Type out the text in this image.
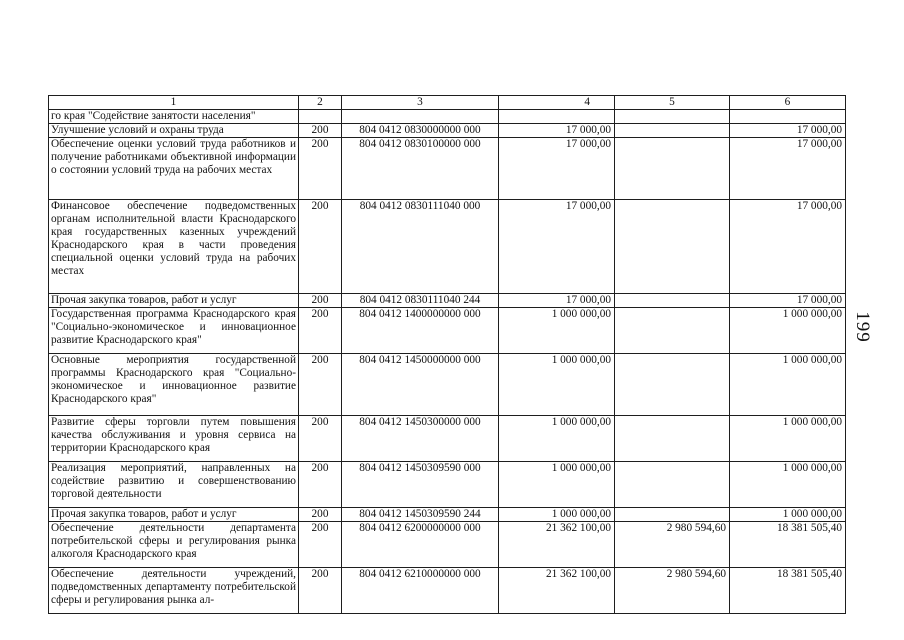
199
1	2	3	4	5	6
го края "Содействие занятости населения"					
Улучшение условий и охраны труда	200	804 0412 0830000000 000	17 000,00		17 000,00
Обеспечение оценки условий труда работников и получение работниками объективной информации о состоянии условий труда на рабочих местах	200	804 0412 0830100000 000	17 000,00		17 000,00
Финансовое обеспечение подведомственных органам исполнительной власти Краснодарского края государственных казенных учреждений Краснодарского края в части проведения специальной оценки условий труда на рабочих местах	200	804 0412 0830111040 000	17 000,00		17 000,00
Прочая закупка товаров, работ и услуг	200	804 0412 0830111040 244	17 000,00		17 000,00
Государственная программа Краснодарского края "Социально-экономическое и инновационное развитие Краснодарского края"	200	804 0412 1400000000 000	1 000 000,00		1 000 000,00
Основные мероприятия государственной программы Краснодарского края "Социально-экономическое и инновационное развитие Краснодарского края"	200	804 0412 1450000000 000	1 000 000,00		1 000 000,00
Развитие сферы торговли путем повышения качества обслуживания и уровня сервиса на территории Краснодарского края	200	804 0412 1450300000 000	1 000 000,00		1 000 000,00
Реализация мероприятий, направленных на содействие развитию и совершенствованию торговой деятельности	200	804 0412 1450309590 000	1 000 000,00		1 000 000,00
Прочая закупка товаров, работ и услуг	200	804 0412 1450309590 244	1 000 000,00		1 000 000,00
Обеспечение деятельности департамента потребительской сферы и регулирования рынка алкоголя Краснодарского края	200	804 0412 6200000000 000	21 362 100,00	2 980 594,60	18 381 505,40
Обеспечение деятельности учреждений, подведомственных департаменту потребительской сферы и регулирования рынка ал-	200	804 0412 6210000000 000	21 362 100,00	2 980 594,60	18 381 505,40
